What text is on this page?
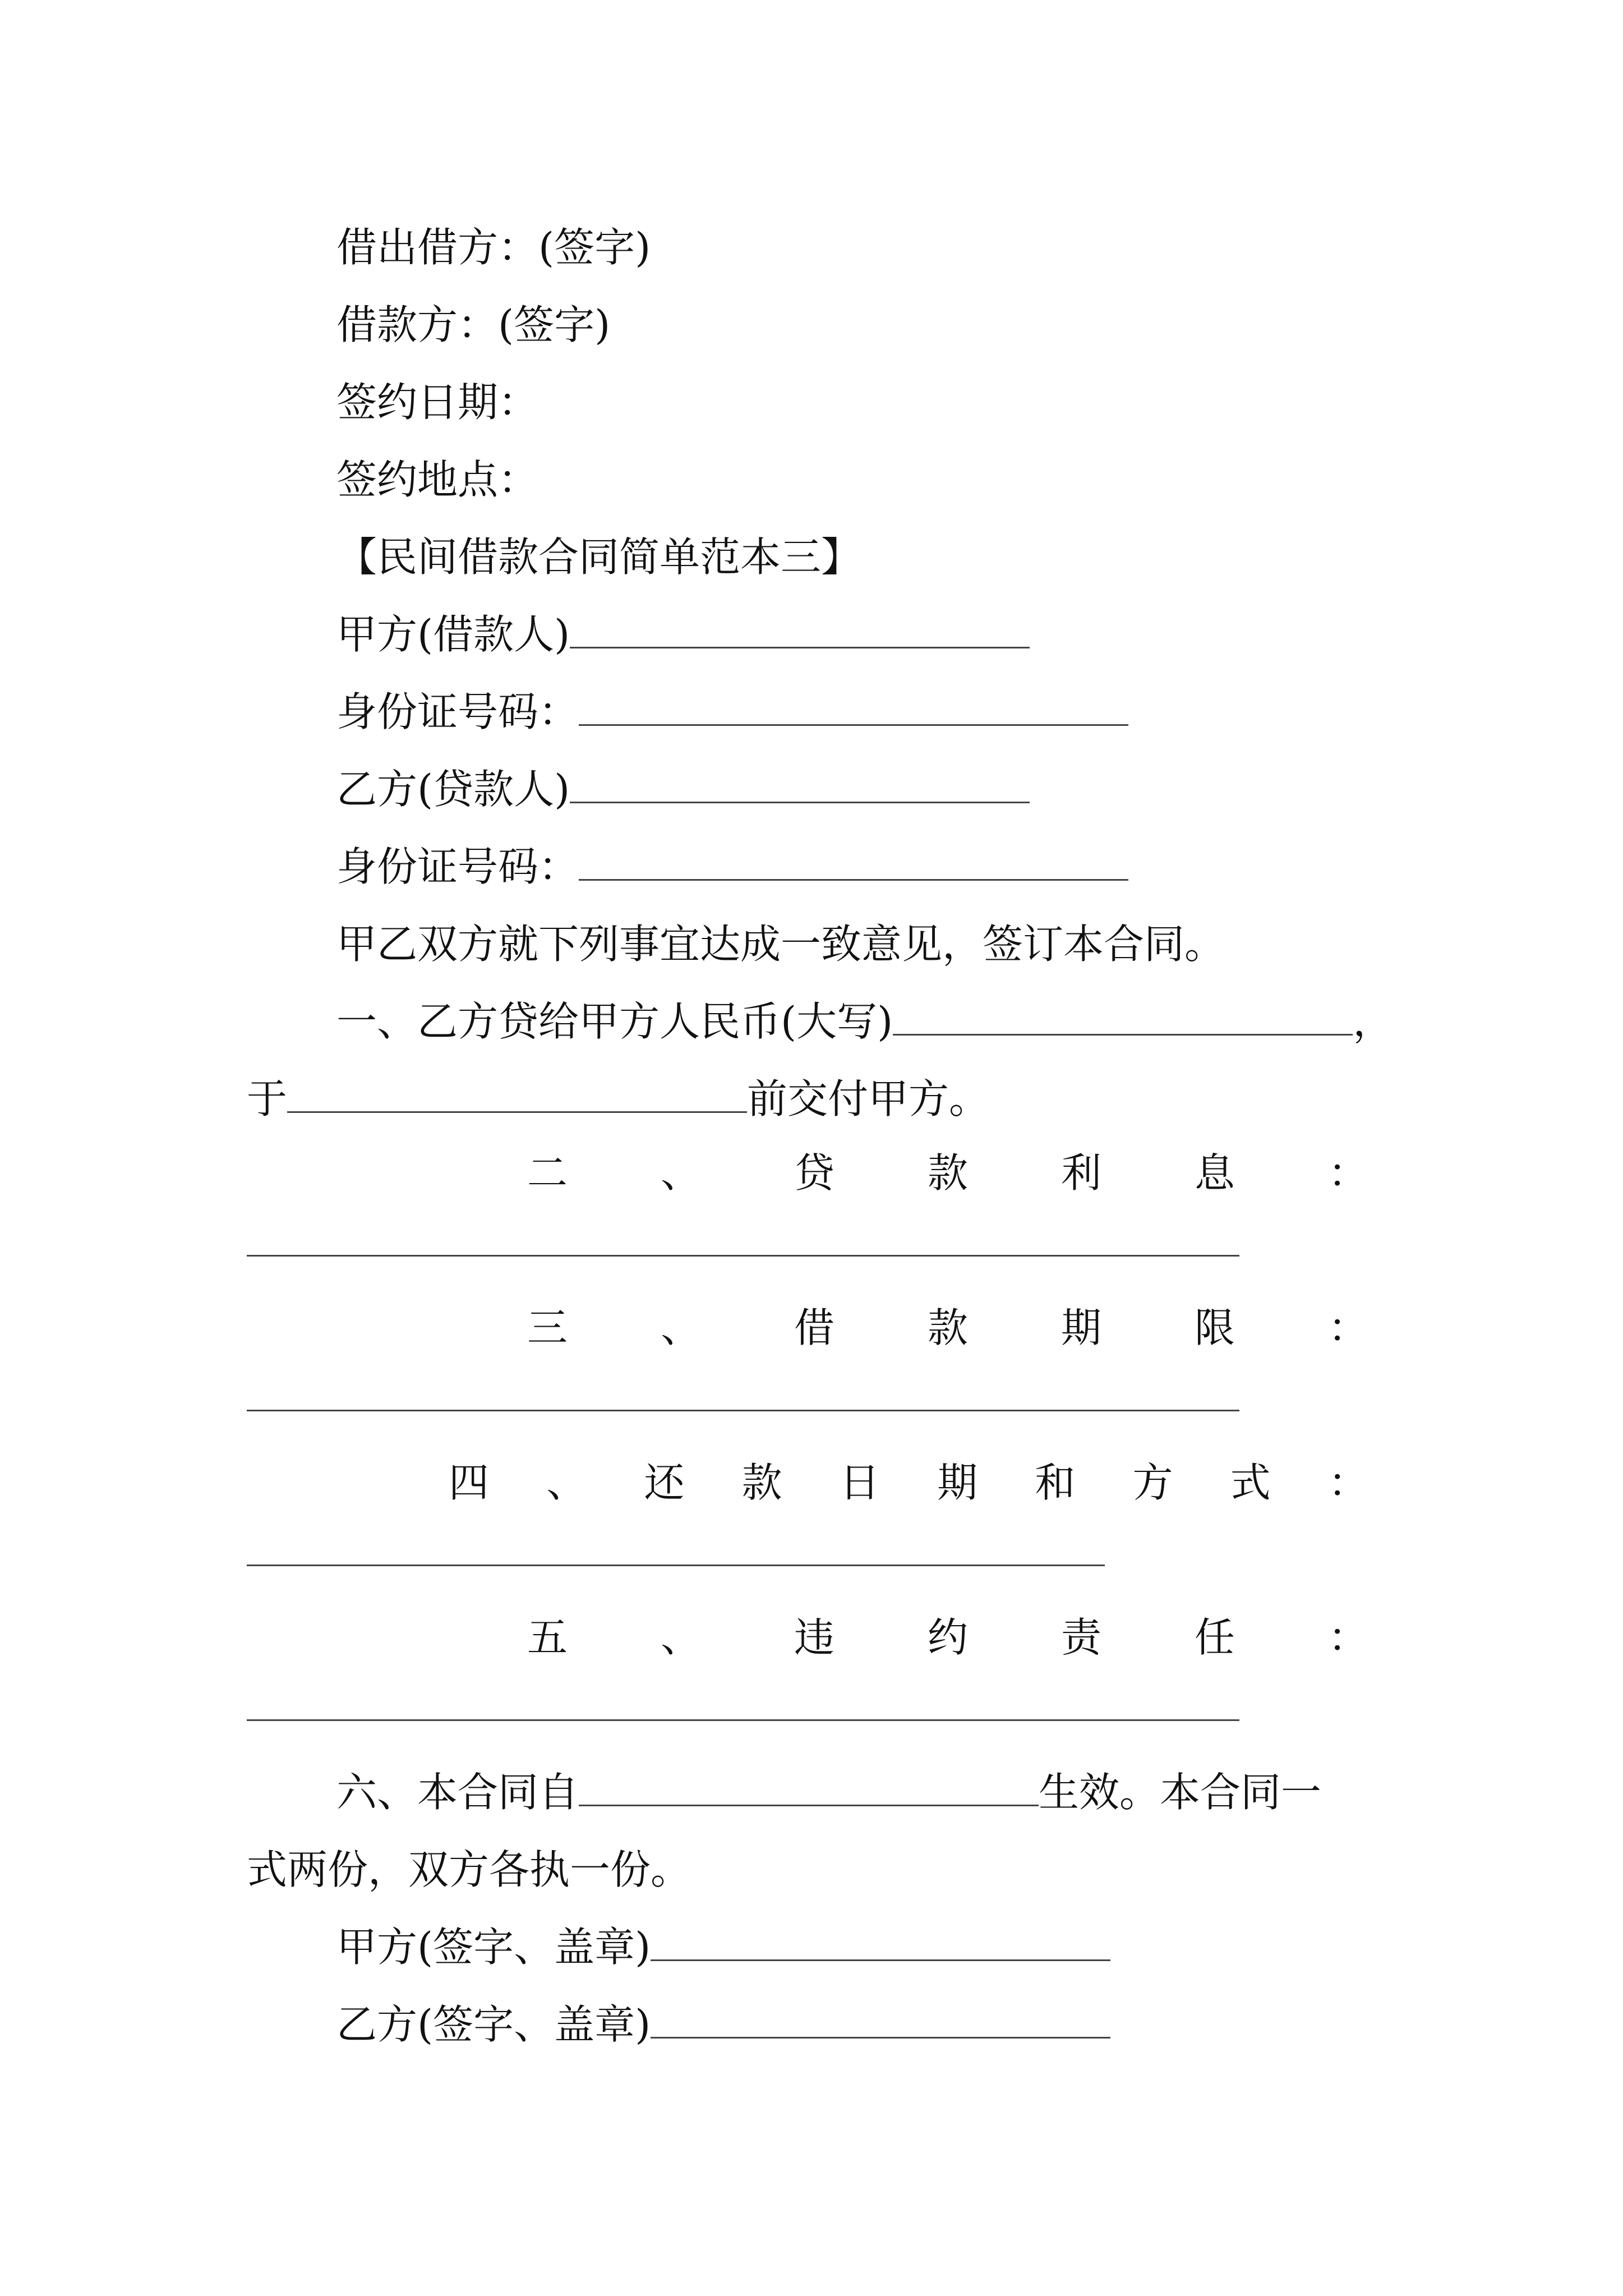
借出借方：(签字)
借款方：(签字)
签约日期：
签约地点：
【民间借款合同简单范本三】
甲方(借款人)
身份证号码：
乙方(贷款人)
身份证号码：
甲乙双方就下列事宜达成一致意见，签订本合同。
一、乙方贷给甲方人民币(大写)	，
于	前交付甲方。
二 、 贷 款 利 息 ：
三 、 借 款 期 限 ：
四 、 还 款 日 期 和 方 式 ：
五 、 违 约 责 任 ：
六、本合同自	生效。本合同一
式两份，双方各执一份。
甲方(签字、盖章)
乙方(签字、盖章)
